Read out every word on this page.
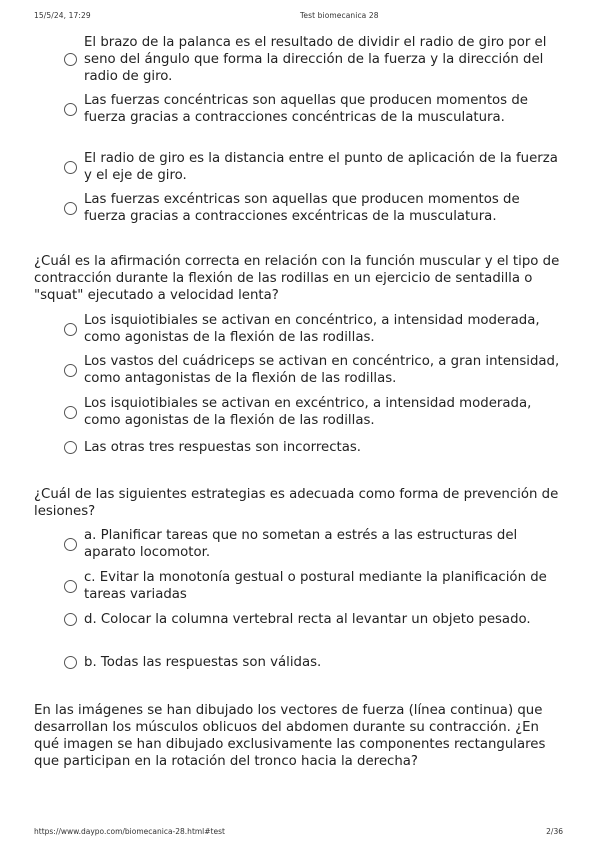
15/5/24, 17:29	Test biomecanica 28
El brazo de la palanca es el resultado de dividir el radio de giro por el seno del ángulo que forma la dirección de la fuerza y la dirección del radio de giro.
Las fuerzas concéntricas son aquellas que producen momentos de fuerza gracias a contracciones concéntricas de la musculatura.
El radio de giro es la distancia entre el punto de aplicación de la fuerza y el eje de giro.
Las fuerzas excéntricas son aquellas que producen momentos de fuerza gracias a contracciones excéntricas de la musculatura.
¿Cuál es la afirmación correcta en relación con la función muscular y el tipo de contracción durante la flexión de las rodillas en un ejercicio de sentadilla o "squat" ejecutado a velocidad lenta?
Los isquiotibiales se activan en concéntrico, a intensidad moderada, como agonistas de la flexión de las rodillas.
Los vastos del cuádriceps se activan en concéntrico, a gran intensidad, como antagonistas de la flexión de las rodillas.
Los isquiotibiales se activan en excéntrico, a intensidad moderada, como agonistas de la flexión de las rodillas.
Las otras tres respuestas son incorrectas.
¿Cuál de las siguientes estrategias es adecuada como forma de prevención de lesiones?
a. Planificar tareas que no sometan a estrés a las estructuras del aparato locomotor.
c. Evitar la monotonía gestual o postural mediante la planificación de tareas variadas
d. Colocar la columna vertebral recta al levantar un objeto pesado.
b. Todas las respuestas son válidas.
En las imágenes se han dibujado los vectores de fuerza (línea continua) que desarrollan los músculos oblicuos del abdomen durante su contracción. ¿En qué imagen se han dibujado exclusivamente las componentes rectangulares que participan en la rotación del tronco hacia la derecha?
https://www.daypo.com/biomecanica-28.html#test	2/36
